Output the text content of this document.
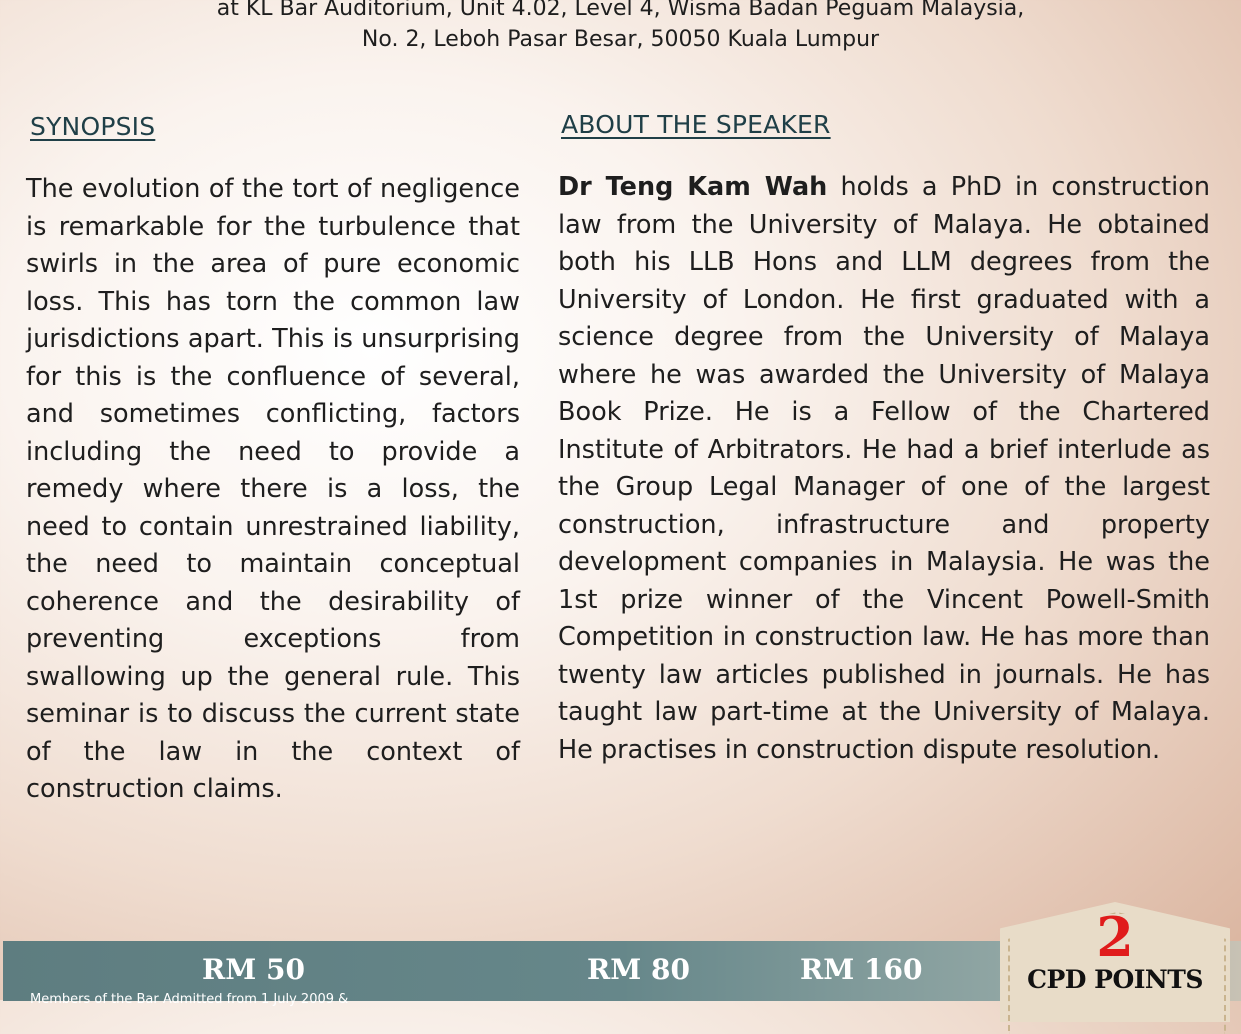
at KL Bar Auditorium, Unit 4.02, Level 4, Wisma Badan Peguam Malaysia,
No. 2, Leboh Pasar Besar, 50050 Kuala Lumpur
SYNOPSIS	ABOUT THE SPEAKER
The evolution of the tort of negligence is remarkable for the turbulence that swirls in the area of pure economic loss. This has torn the common law jurisdictions apart. This is unsurprising for this is the confluence of several, and sometimes conflicting, factors including the need to provide a remedy where there is a loss, the need to contain unrestrained liability, the need to maintain conceptual coherence and the desirability of preventing exceptions from swallowing up the general rule. This seminar is to discuss the current state of the law in the context of construction claims.
Dr Teng Kam Wah holds a PhD in construction law from the University of Malaya. He obtained both his LLB Hons and LLM degrees from the University of London. He first graduated with a science degree from the University of Malaya where he was awarded the University of Malaya Book Prize. He is a Fellow of the Chartered Institute of Arbitrators. He had a brief interlude as the Group Legal Manager of one of the largest construction, infrastructure and property development companies in Malaysia. He was the 1st prize winner of the Vincent Powell-Smith Competition in construction law. He has more than twenty law articles published in journals. He has taught law part-time at the University of Malaya. He practises in construction dispute resolution.
RM 50	RM 80	RM 160
Members of the Bar Admitted from 1 July 2009 &
2
CPD POINTS
